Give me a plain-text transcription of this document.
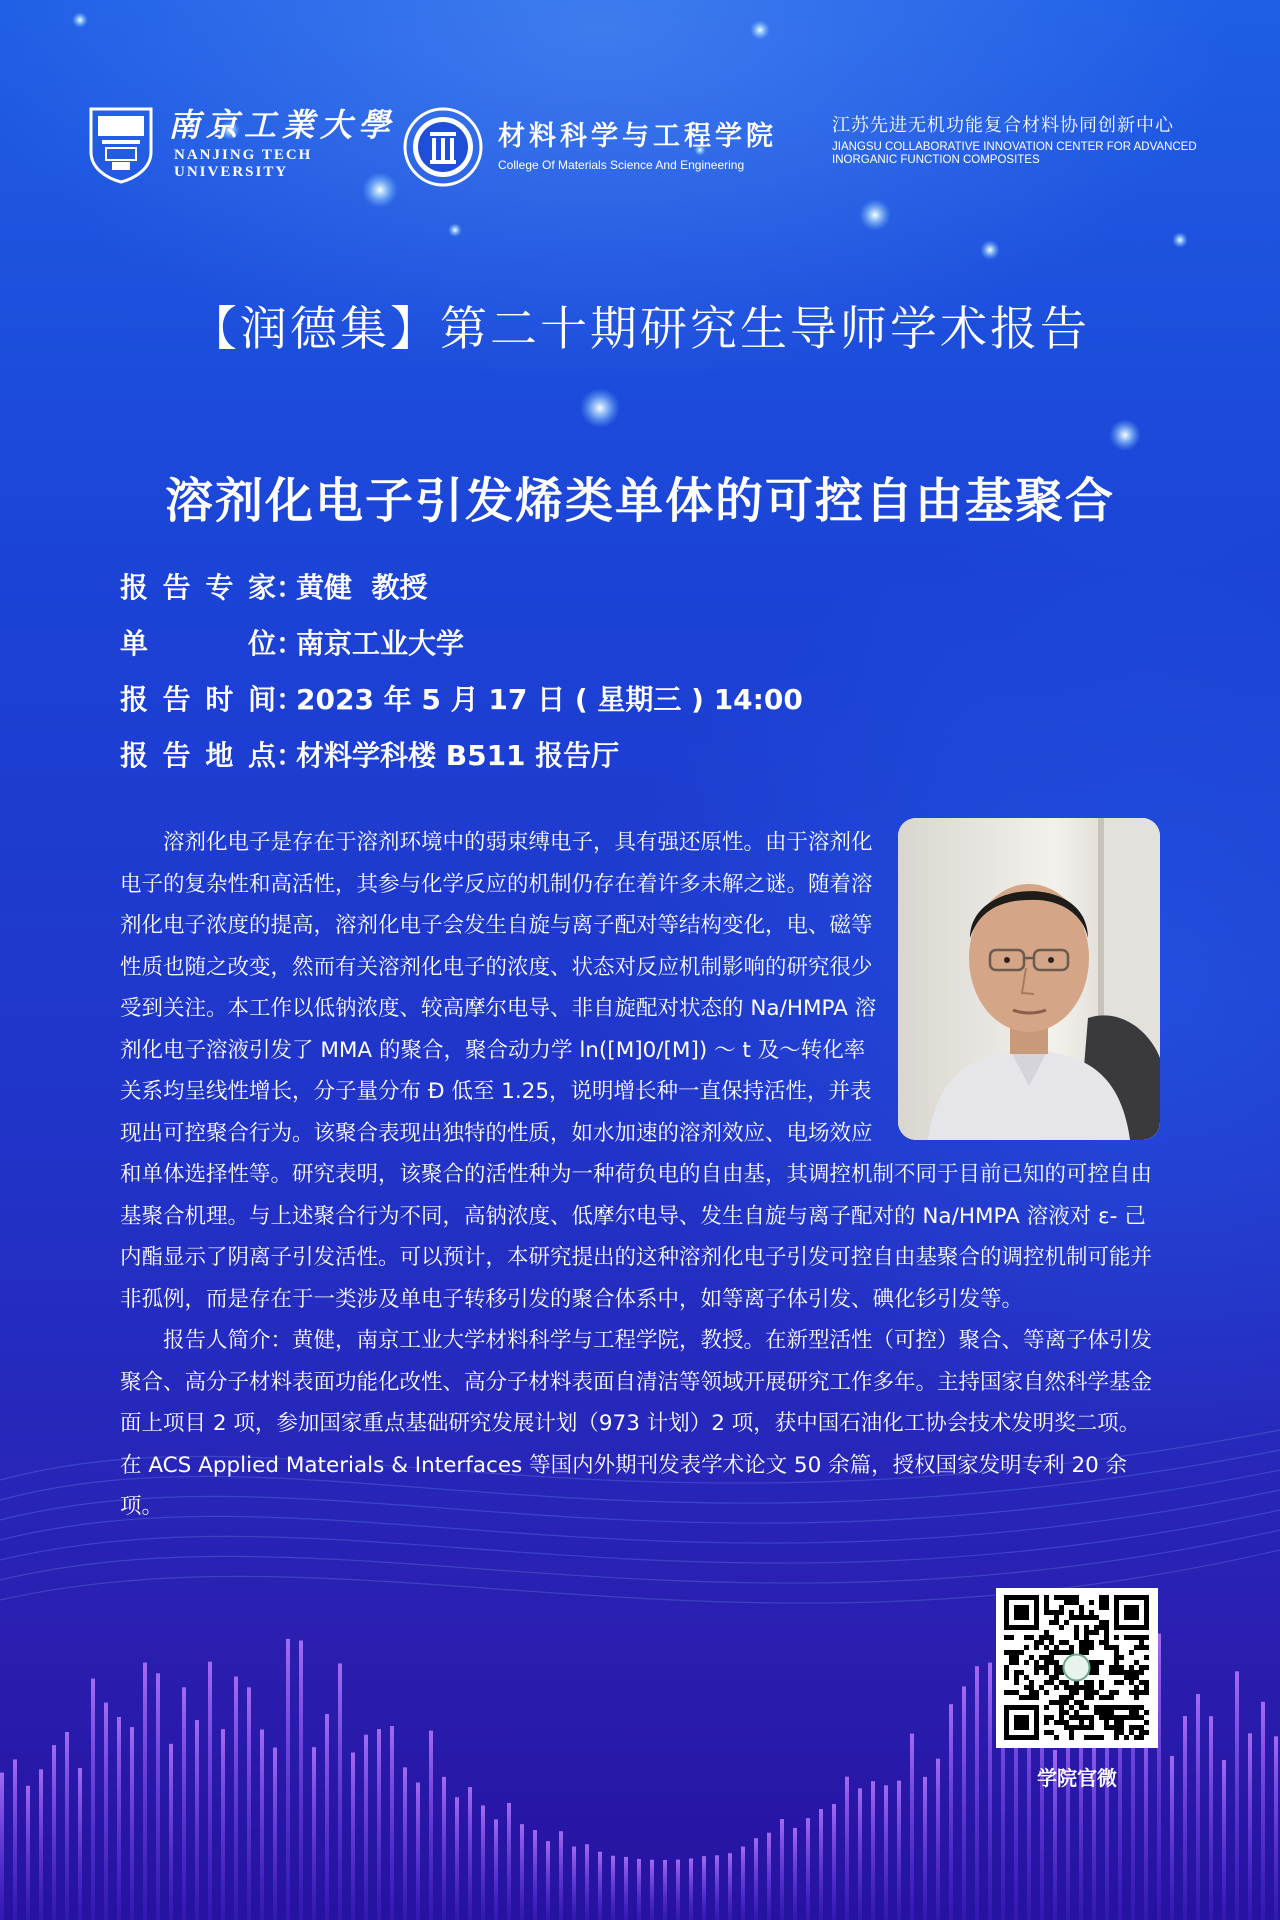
南京工業大學
NANJING TECH
UNIVERSITY
材料科学与工程学院
College Of Materials Science And Engineering
江苏先进无机功能复合材料协同创新中心
JIANGSU COLLABORATIVE INNOVATION CENTER FOR ADVANCED
INORGANIC FUNCTION COMPOSITES
【润德集】第二十期研究生导师学术报告
溶剂化电子引发烯类单体的可控自由基聚合
报告专家 ：
黄健  教授
单位 ：
南京工业大学
报告时间 ：
2023 年 5 月 17 日 ( 星期三 ) 14:00
报告地点 ：
材料学科楼 B511 报告厅

溶剂化电子是存在于溶剂环境中的弱束缚电子，具有强还原性。由于溶剂化电子的复杂性和高活性，其参与化学反应的机制仍存在着许多未解之谜。随着溶剂化电子浓度的提高，溶剂化电子会发生自旋与离子配对等结构变化，电、磁等性质也随之改变，然而有关溶剂化电子的浓度、状态对反应机制影响的研究很少受到关注。本工作以低钠浓度、较高摩尔电导、非自旋配对状态的 Na/HMPA 溶剂化电子溶液引发了 MMA 的聚合，聚合动力学 ln([M]0/[M]) ～ t 及～转化率关系均呈线性增长，分子量分布 Ð 低至 1.25，说明增长种一直保持活性，并表现出可控聚合行为。该聚合表现出独特的性质，如水加速的溶剂效应、电场效应和单体选择性等。研究表明，该聚合的活性种为一种荷负电的自由基，其调控机制不同于目前已知的可控自由基聚合机理。与上述聚合行为不同，高钠浓度、低摩尔电导、发生自旋与离子配对的 Na/HMPA 溶液对 ε- 己内酯显示了阴离子引发活性。可以预计，本研究提出的这种溶剂化电子引发可控自由基聚合的调控机制可能并非孤例，而是存在于一类涉及单电子转移引发的聚合体系中，如等离子体引发、碘化钐引发等。

报告人简介：黄健，南京工业大学材料科学与工程学院，教授。在新型活性（可控）聚合、等离子体引发聚合、高分子材料表面功能化改性、高分子材料表面自清洁等领域开展研究工作多年。主持国家自然科学基金面上项目 2 项，参加国家重点基础研究发展计划（973 计划）2 项，获中国石油化工协会技术发明奖二项。在 ACS Applied Materials & Interfaces 等国内外期刊发表学术论文 50 余篇，授权国家发明专利 20 余项。

学院官微
